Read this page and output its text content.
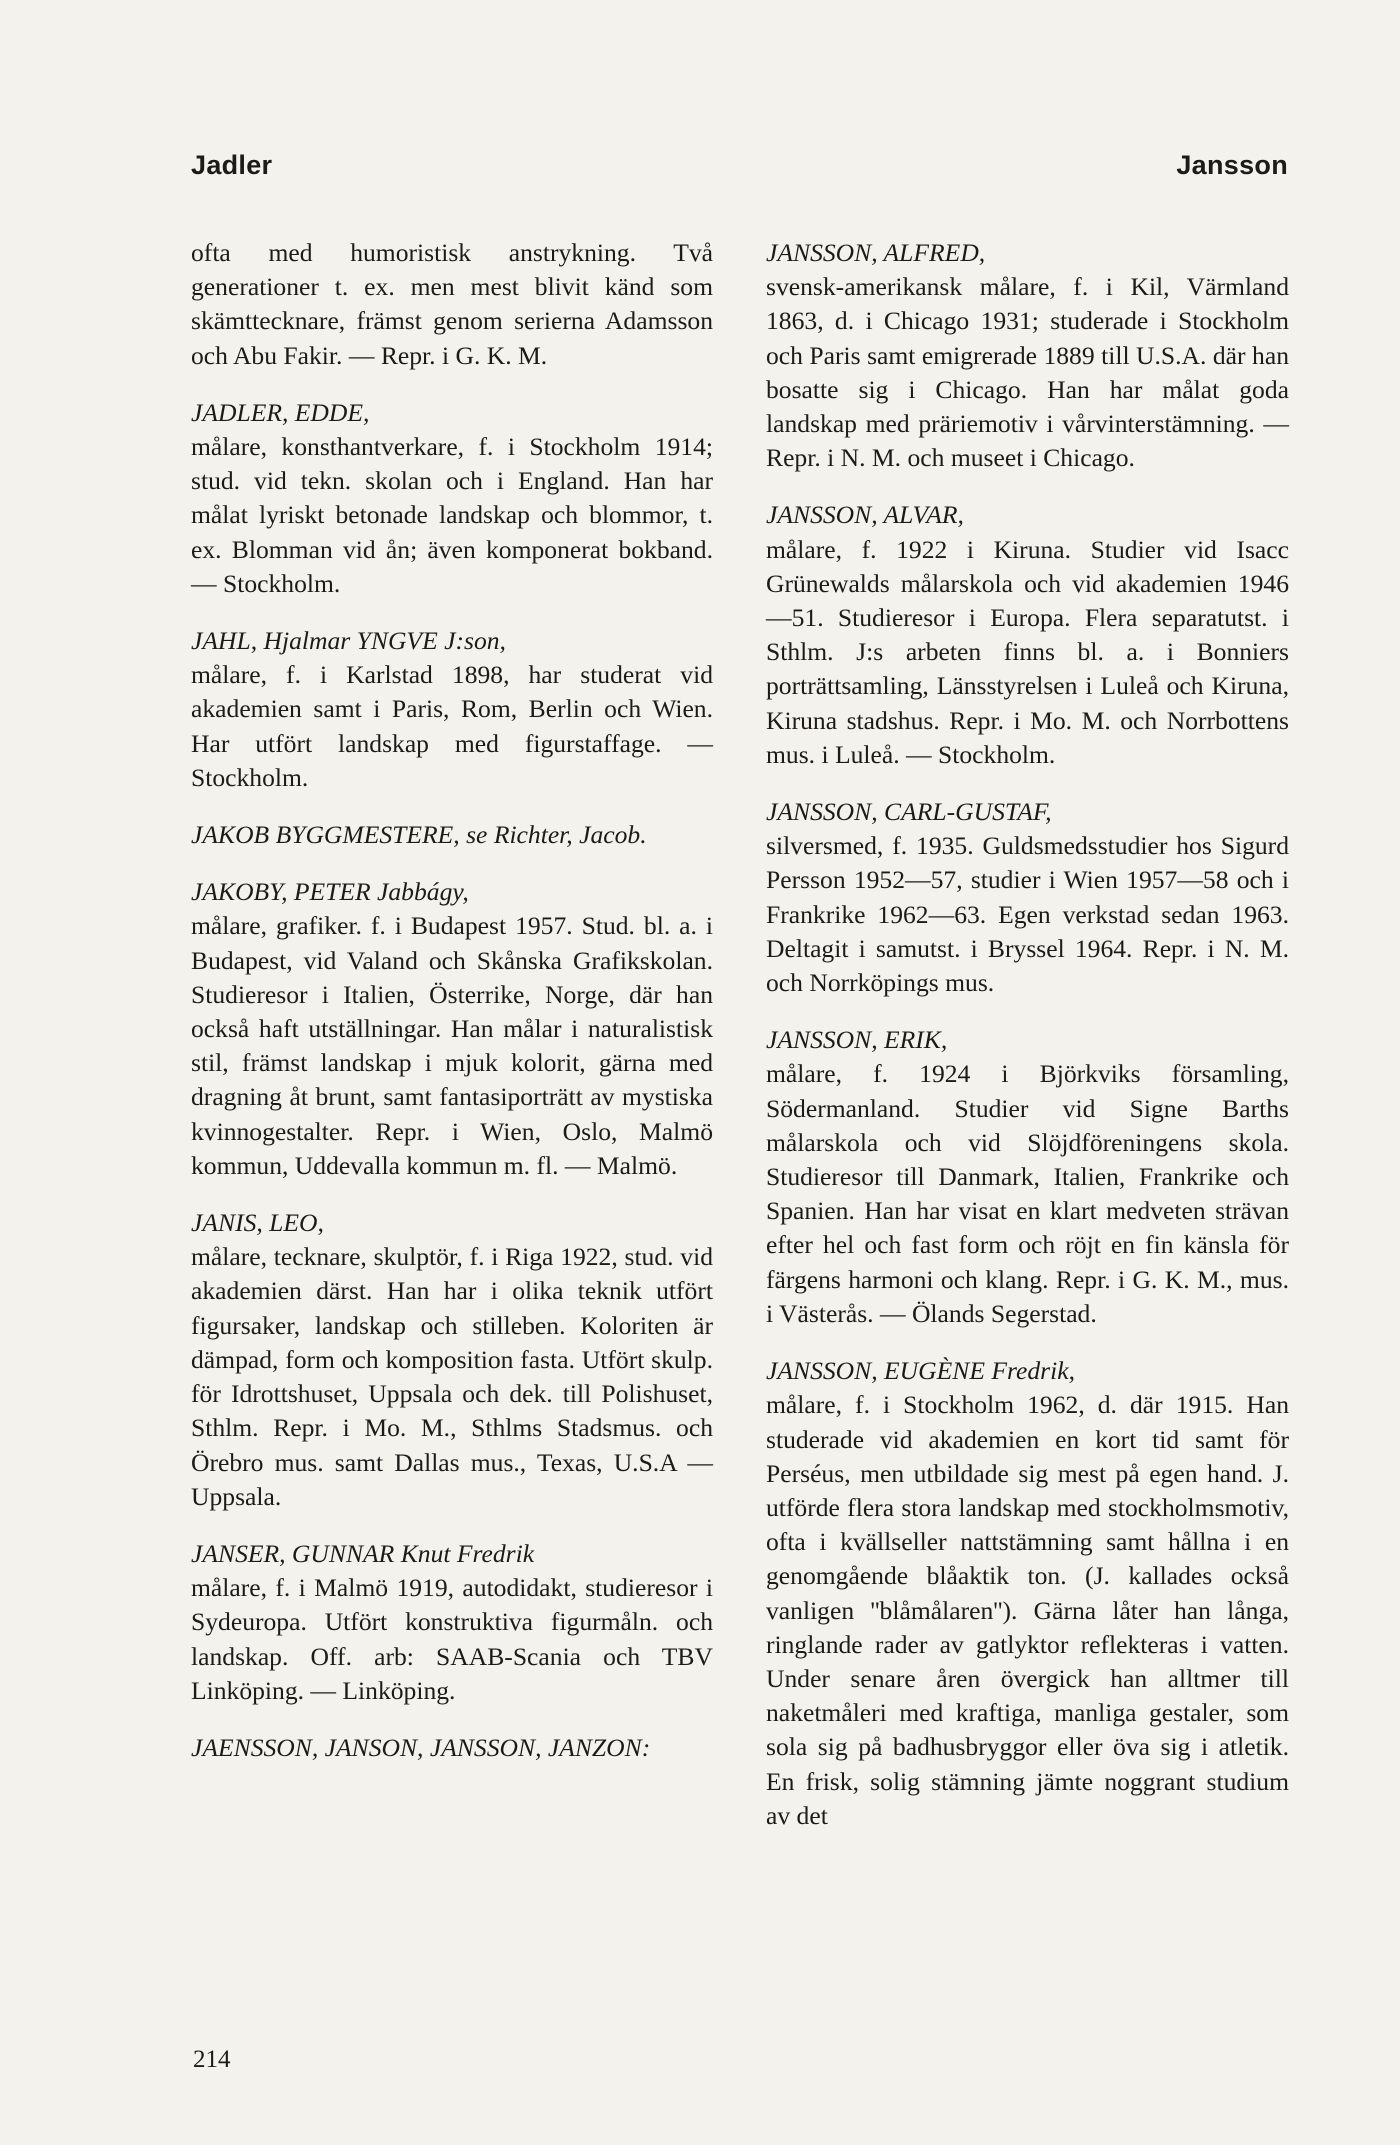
Jadler	Jansson

ofta med humoristisk anstrykning. Två generationer t. ex. men mest blivit känd som skämttecknare, främst genom serierna Adamsson och Abu Fakir. — Repr. i G. K. M.

JADLER, EDDE,

målare, konsthantverkare, f. i Stockholm 1914; stud. vid tekn. skolan och i England. Han har målat lyriskt betonade landskap och blommor, t. ex. Blomman vid ån; även komponerat bokband. — Stockholm.

JAHL, Hjalmar YNGVE J:son,

målare, f. i Karlstad 1898, har studerat vid akademien samt i Paris, Rom, Berlin och Wien. Har utfört landskap med figurstaffage. — Stockholm.

JAKOB BYGGMESTERE, se Richter, Jacob.
JAKOBY, PETER Jabbágy,

målare, grafiker. f. i Budapest 1957. Stud. bl. a. i Budapest, vid Valand och Skånska Grafikskolan. Studieresor i Italien, Österrike, Norge, där han också haft utställningar. Han målar i naturalistisk stil, främst landskap i mjuk kolorit, gärna med dragning åt brunt, samt fantasiporträtt av mystiska kvinnogestalter. Repr. i Wien, Oslo, Malmö kommun, Uddevalla kommun m. fl. — Malmö.

JANIS, LEO,

målare, tecknare, skulptör, f. i Riga 1922, stud. vid akademien därst. Han har i olika teknik utfört figursaker, landskap och stilleben. Koloriten är dämpad, form och komposition fasta. Utfört skulp. för Idrottshuset, Uppsala och dek. till Polishuset, Sthlm. Repr. i Mo. M., Sthlms Stadsmus. och Örebro mus. samt Dallas mus., Texas, U.S.A — Uppsala.

JANSER, GUNNAR Knut Fredrik

målare, f. i Malmö 1919, autodidakt, studieresor i Sydeuropa. Utfört konstruktiva figurmåln. och landskap. Off. arb: SAAB-Scania och TBV Linköping. — Linköping.

JAENSSON, JANSON, JANSSON, JANZON:
JANSSON, ALFRED,

svensk-amerikansk målare, f. i Kil, Värmland 1863, d. i Chicago 1931; studerade i Stockholm och Paris samt emigrerade 1889 till U.S.A. där han bosatte sig i Chicago. Han har målat goda landskap med präriemotiv i vårvinterstämning. — Repr. i N. M. och museet i Chicago.

JANSSON, ALVAR,

målare, f. 1922 i Kiruna. Studier vid Isacc Grünewalds målarskola och vid akademien 1946—51. Studieresor i Europa. Flera separatutst. i Sthlm. J:s arbeten finns bl. a. i Bonniers porträttsamling, Länsstyrelsen i Luleå och Kiruna, Kiruna stadshus. Repr. i Mo. M. och Norrbottens mus. i Luleå. — Stockholm.

JANSSON, CARL-GUSTAF,

silversmed, f. 1935. Guldsmedsstudier hos Sigurd Persson 1952—57, studier i Wien 1957—58 och i Frankrike 1962—63. Egen verkstad sedan 1963. Deltagit i samutst. i Bryssel 1964. Repr. i N. M. och Norrköpings mus.

JANSSON, ERIK,

målare, f. 1924 i Björkviks församling, Södermanland. Studier vid Signe Barths målarskola och vid Slöjdföreningens skola. Studieresor till Danmark, Italien, Frankrike och Spanien. Han har visat en klart medveten strävan efter hel och fast form och röjt en fin känsla för färgens harmoni och klang. Repr. i G. K. M., mus. i Västerås. — Ölands Segerstad.

JANSSON, EUGÈNE Fredrik,

målare, f. i Stockholm 1962, d. där 1915. Han studerade vid akademien en kort tid samt för Perséus, men utbildade sig mest på egen hand. J. utförde flera stora landskap med stockholmsmotiv, ofta i kvällseller nattstämning samt hållna i en genomgående blåaktik ton. (J. kallades också vanligen ''blåmålaren''). Gärna låter han långa, ringlande rader av gatlyktor reflekteras i vatten. Under senare åren övergick han alltmer till naketmåleri med kraftiga, manliga gestaler, som sola sig på badhusbryggor eller öva sig i atletik. En frisk, solig stämning jämte noggrant studium av det

214
